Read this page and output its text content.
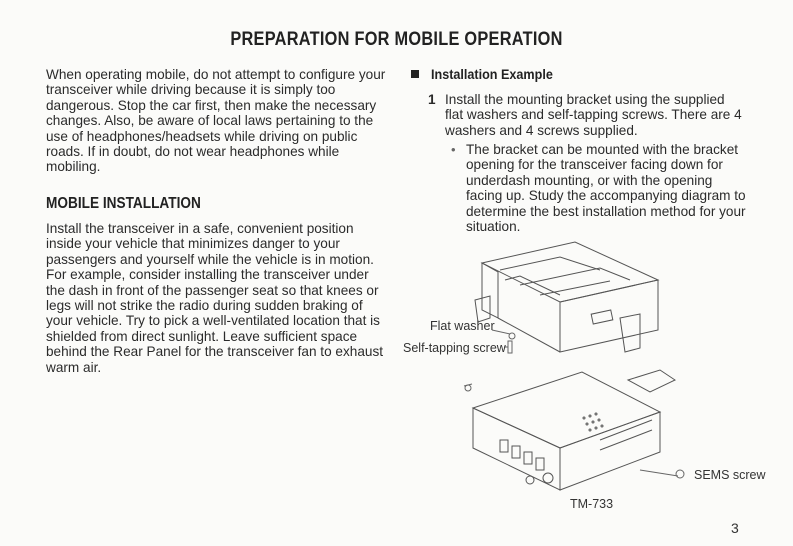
PREPARATION FOR MOBILE OPERATION
When operating mobile, do not attempt to configure your transceiver while driving because it is simply too dangerous. Stop the car first, then make the necessary changes. Also, be aware of local laws pertaining to the use of headphones/headsets while driving on public roads. If in doubt, do not wear headphones while mobiling.
MOBILE INSTALLATION
Install the transceiver in a safe, convenient position inside your vehicle that minimizes danger to your passengers and yourself while the vehicle is in motion. For example, consider installing the transceiver under the dash in front of the passenger seat so that knees or legs will not strike the radio during sudden braking of your vehicle. Try to pick a well-ventilated location that is shielded from direct sunlight. Leave sufficient space behind the Rear Panel for the transceiver fan to exhaust warm air.
Installation Example
1 Install the mounting bracket using the supplied flat washers and self-tapping screws. There are 4 washers and 4 screws supplied.
• The bracket can be mounted with the bracket opening for the transceiver facing down for underdash mounting, or with the opening facing up. Study the accompanying diagram to determine the best installation method for your situation.
Flat washer
Self-tapping screw
SEMS screw
TM-733
3
